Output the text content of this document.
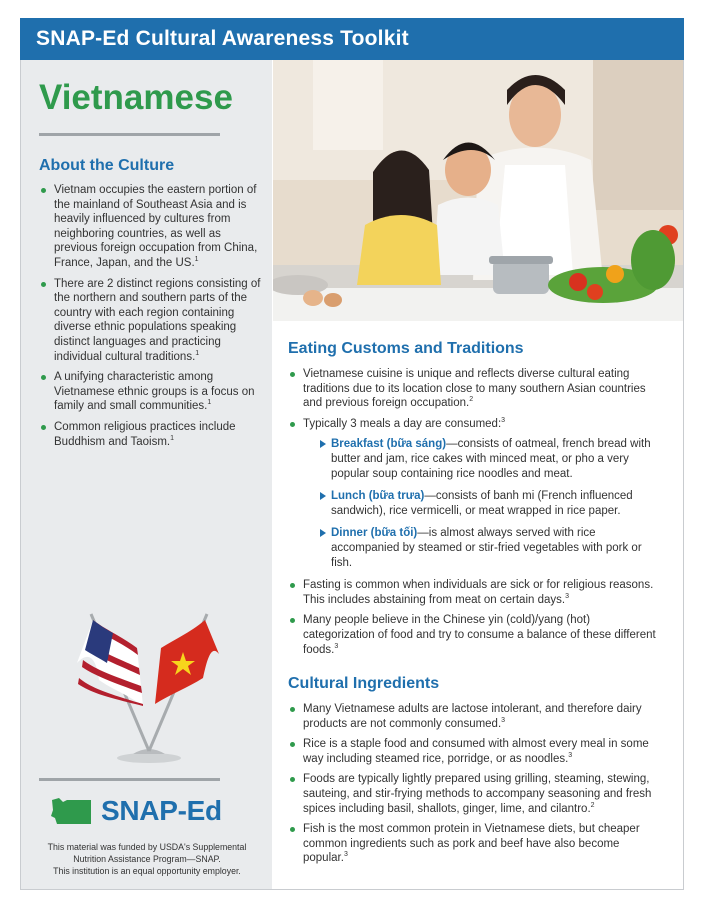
SNAP-Ed Cultural Awareness Toolkit
Vietnamese
About the Culture
Vietnam occupies the eastern portion of the mainland of Southeast Asia and is heavily influenced by cultures from neighboring countries, as well as previous foreign occupation from China, France, Japan, and the US.$^1$
There are 2 distinct regions consisting of the northern and southern parts of the country with each region containing diverse ethnic populations speaking distinct languages and practicing individual cultural traditions.$^1$
A unifying characteristic among Vietnamese ethnic groups is a focus on family and small communities.$^1$
Common religious practices include Buddhism and Taoism.$^1$
SNAP-Ed
This material was funded by USDA's Supplemental
Nutrition Assistance Program—SNAP.
This institution is an equal opportunity employer.
Eating Customs and Traditions
Vietnamese cuisine is unique and reflects diverse cultural eating traditions due to its location close to many southern Asian countries and previous foreign occupation.$^2$
Typically 3 meals a day are consumed:$^3$
Breakfast (bữa sáng)—consists of oatmeal, french bread with butter and jam, rice cakes with minced meat, or pho a very popular soup containing rice noodles and meat.
Lunch (bữa trưa)—consists of banh mi (French influenced sandwich), rice vermicelli, or meat wrapped in rice paper.
Dinner (bữa tối)—is almost always served with rice accompanied by steamed or stir-fried vegetables with pork or fish.
Fasting is common when individuals are sick or for religious reasons. This includes abstaining from meat on certain days.$^3$
Many people believe in the Chinese yin (cold)/yang (hot) categorization of food and try to consume a balance of these different foods.$^3$
Cultural Ingredients
Many Vietnamese adults are lactose intolerant, and therefore dairy products are not commonly consumed.$^3$
Rice is a staple food and consumed with almost every meal in some way including steamed rice, porridge, or as noodles.$^3$
Foods are typically lightly prepared using grilling, steaming, stewing, sauteing, and stir-frying methods to accompany seasoning and fresh spices including basil, shallots, ginger, lime, and cilantro.$^2$
Fish is the most common protein in Vietnamese diets, but cheaper common ingredients such as pork and beef have also become popular.$^3$
